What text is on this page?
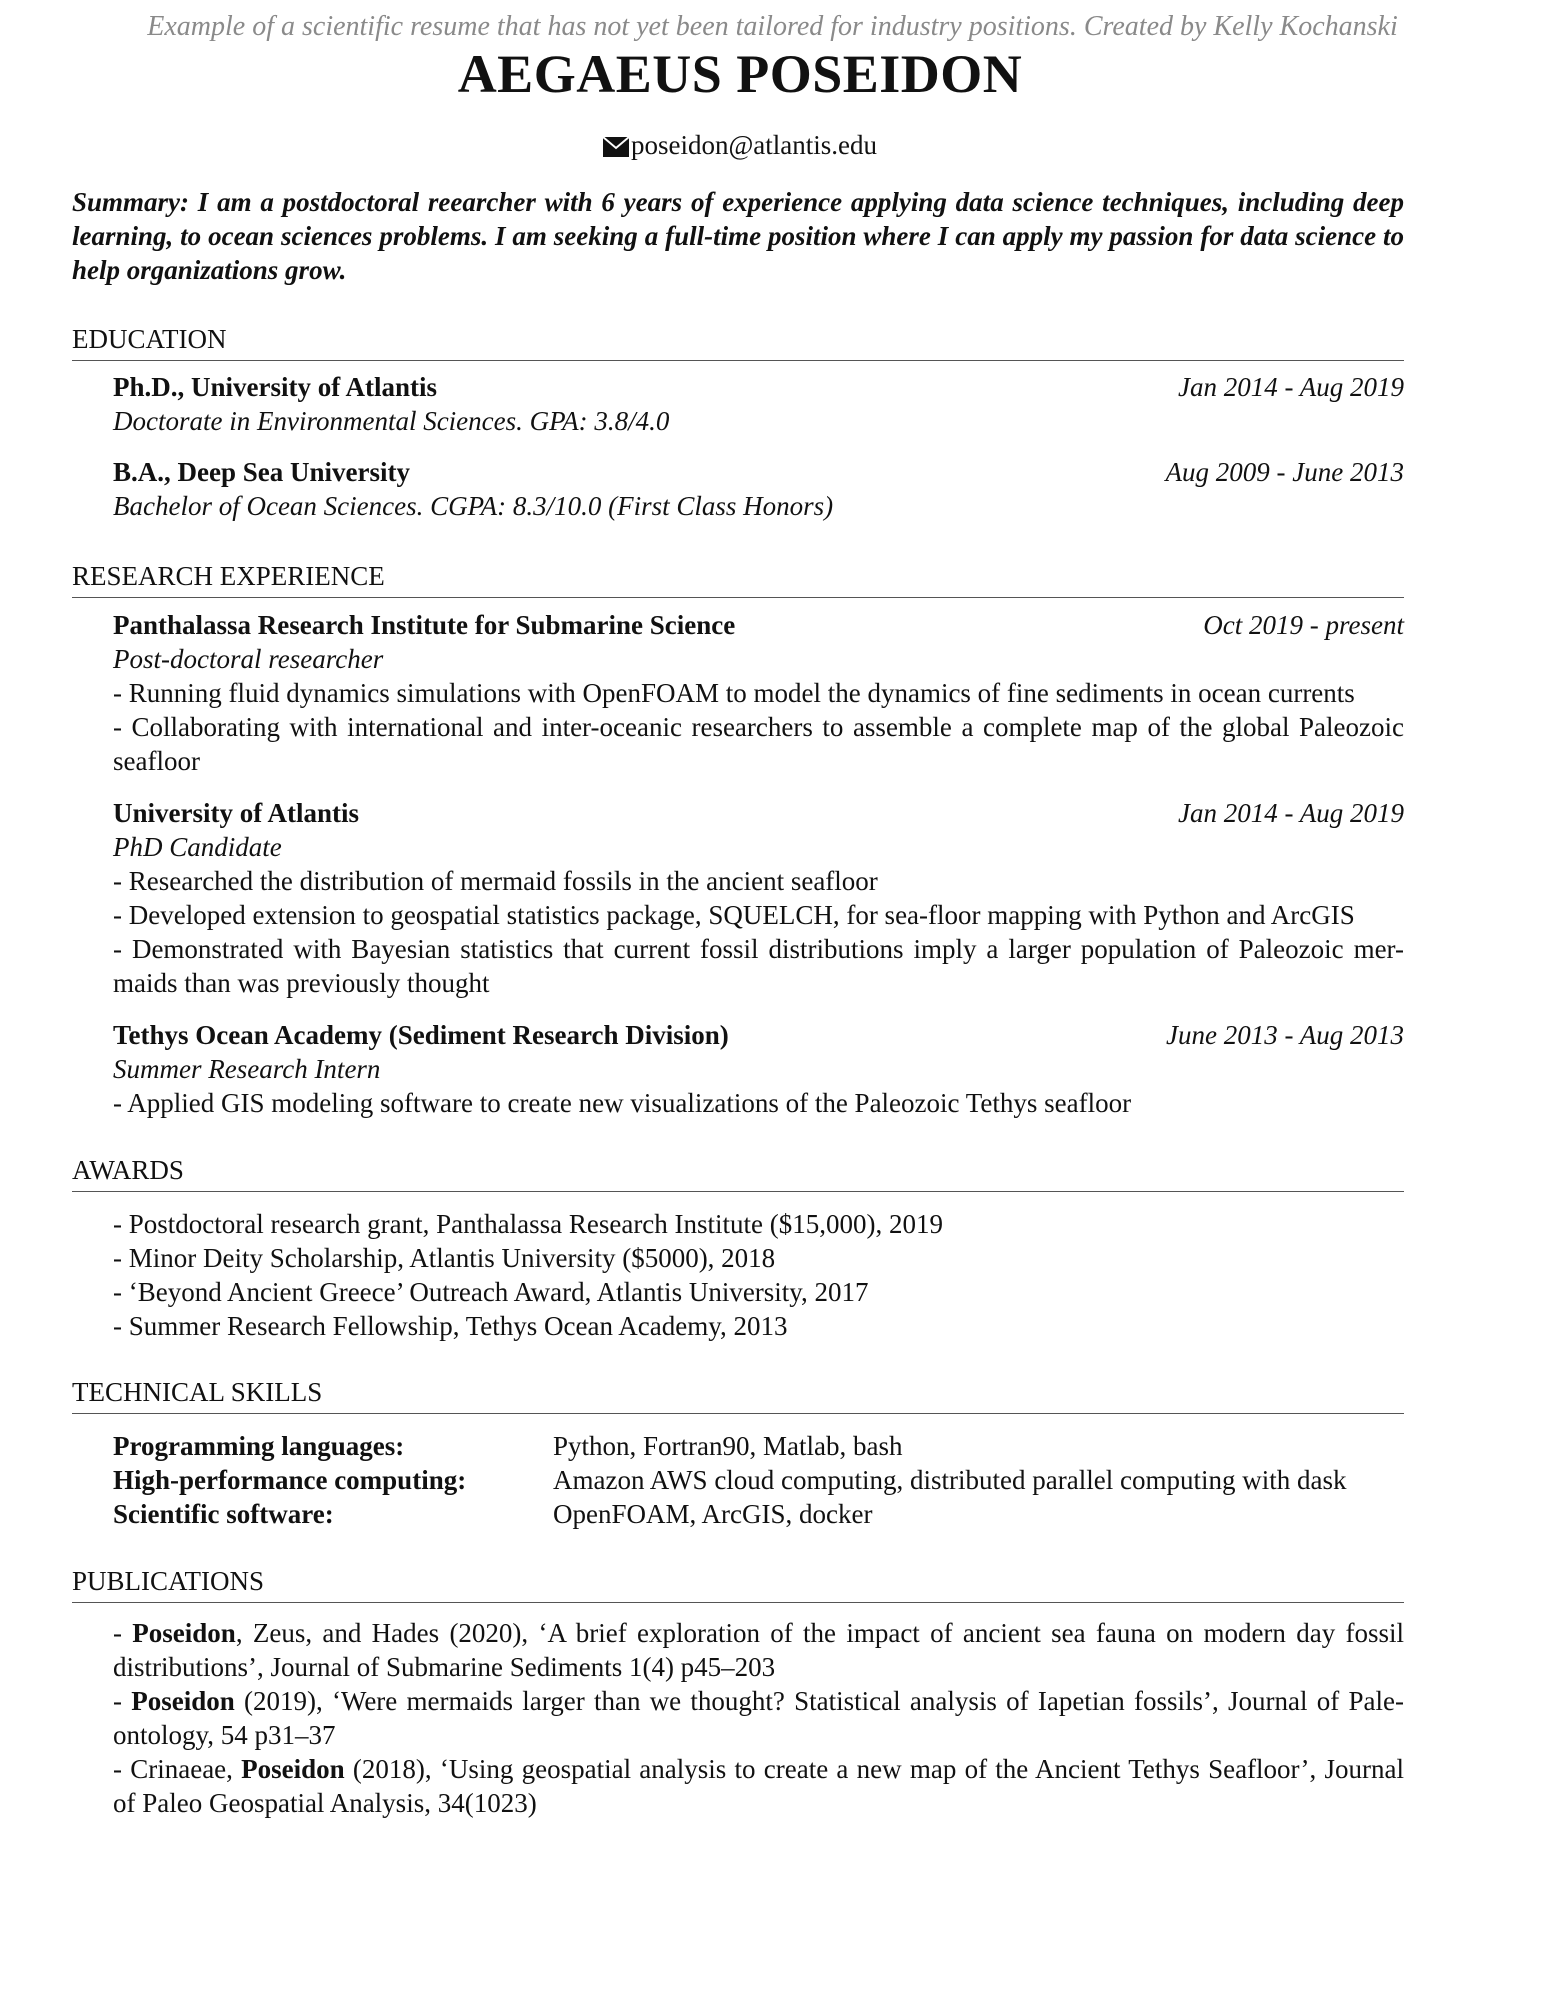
Example of a scientific resume that has not yet been tailored for industry positions. Created by Kelly Kochanski
AEGAEUS POSEIDON
poseidon@atlantis.edu
Summary: I am a postdoctoral reearcher with 6 years of experience applying data science techniques, including deep learning, to ocean sciences problems. I am seeking a full-time position where I can apply my passion for data science to help organizations grow.
EDUCATION
Ph.D., University of Atlantis	Jan 2014 - Aug 2019
Doctorate in Environmental Sciences. GPA: 3.8/4.0
B.A., Deep Sea University	Aug 2009 - June 2013
Bachelor of Ocean Sciences. CGPA: 8.3/10.0 (First Class Honors)
RESEARCH EXPERIENCE
Panthalassa Research Institute for Submarine Science	Oct 2019 - present
Post-doctoral researcher
- Running fluid dynamics simulations with OpenFOAM to model the dynamics of fine sediments in ocean currents
- Collaborating with international and inter-oceanic researchers to assemble a complete map of the global Paleozoic seafloor
University of Atlantis	Jan 2014 - Aug 2019
PhD Candidate
- Researched the distribution of mermaid fossils in the ancient seafloor
- Developed extension to geospatial statistics package, SQUELCH, for sea-floor mapping with Python and ArcGIS
- Demonstrated with Bayesian statistics that current fossil distributions imply a larger population of Paleozoic mer-maids than was previously thought
Tethys Ocean Academy (Sediment Research Division)	June 2013 - Aug 2013
Summer Research Intern
- Applied GIS modeling software to create new visualizations of the Paleozoic Tethys seafloor
AWARDS
- Postdoctoral research grant, Panthalassa Research Institute ($15,000), 2019
- Minor Deity Scholarship, Atlantis University ($5000), 2018
- ‘Beyond Ancient Greece’ Outreach Award, Atlantis University, 2017
- Summer Research Fellowship, Tethys Ocean Academy, 2013
TECHNICAL SKILLS
Programming languages:	Python, Fortran90, Matlab, bash
High-performance computing:	Amazon AWS cloud computing, distributed parallel computing with dask
Scientific software:	OpenFOAM, ArcGIS, docker
PUBLICATIONS
- Poseidon, Zeus, and Hades (2020), ‘A brief exploration of the impact of ancient sea fauna on modern day fossil distributions’, Journal of Submarine Sediments 1(4) p45–203
- Poseidon (2019), ‘Were mermaids larger than we thought? Statistical analysis of Iapetian fossils’, Journal of Pale-ontology, 54 p31–37
- Crinaeae, Poseidon (2018), ‘Using geospatial analysis to create a new map of the Ancient Tethys Seafloor’, Journal of Paleo Geospatial Analysis, 34(1023)
